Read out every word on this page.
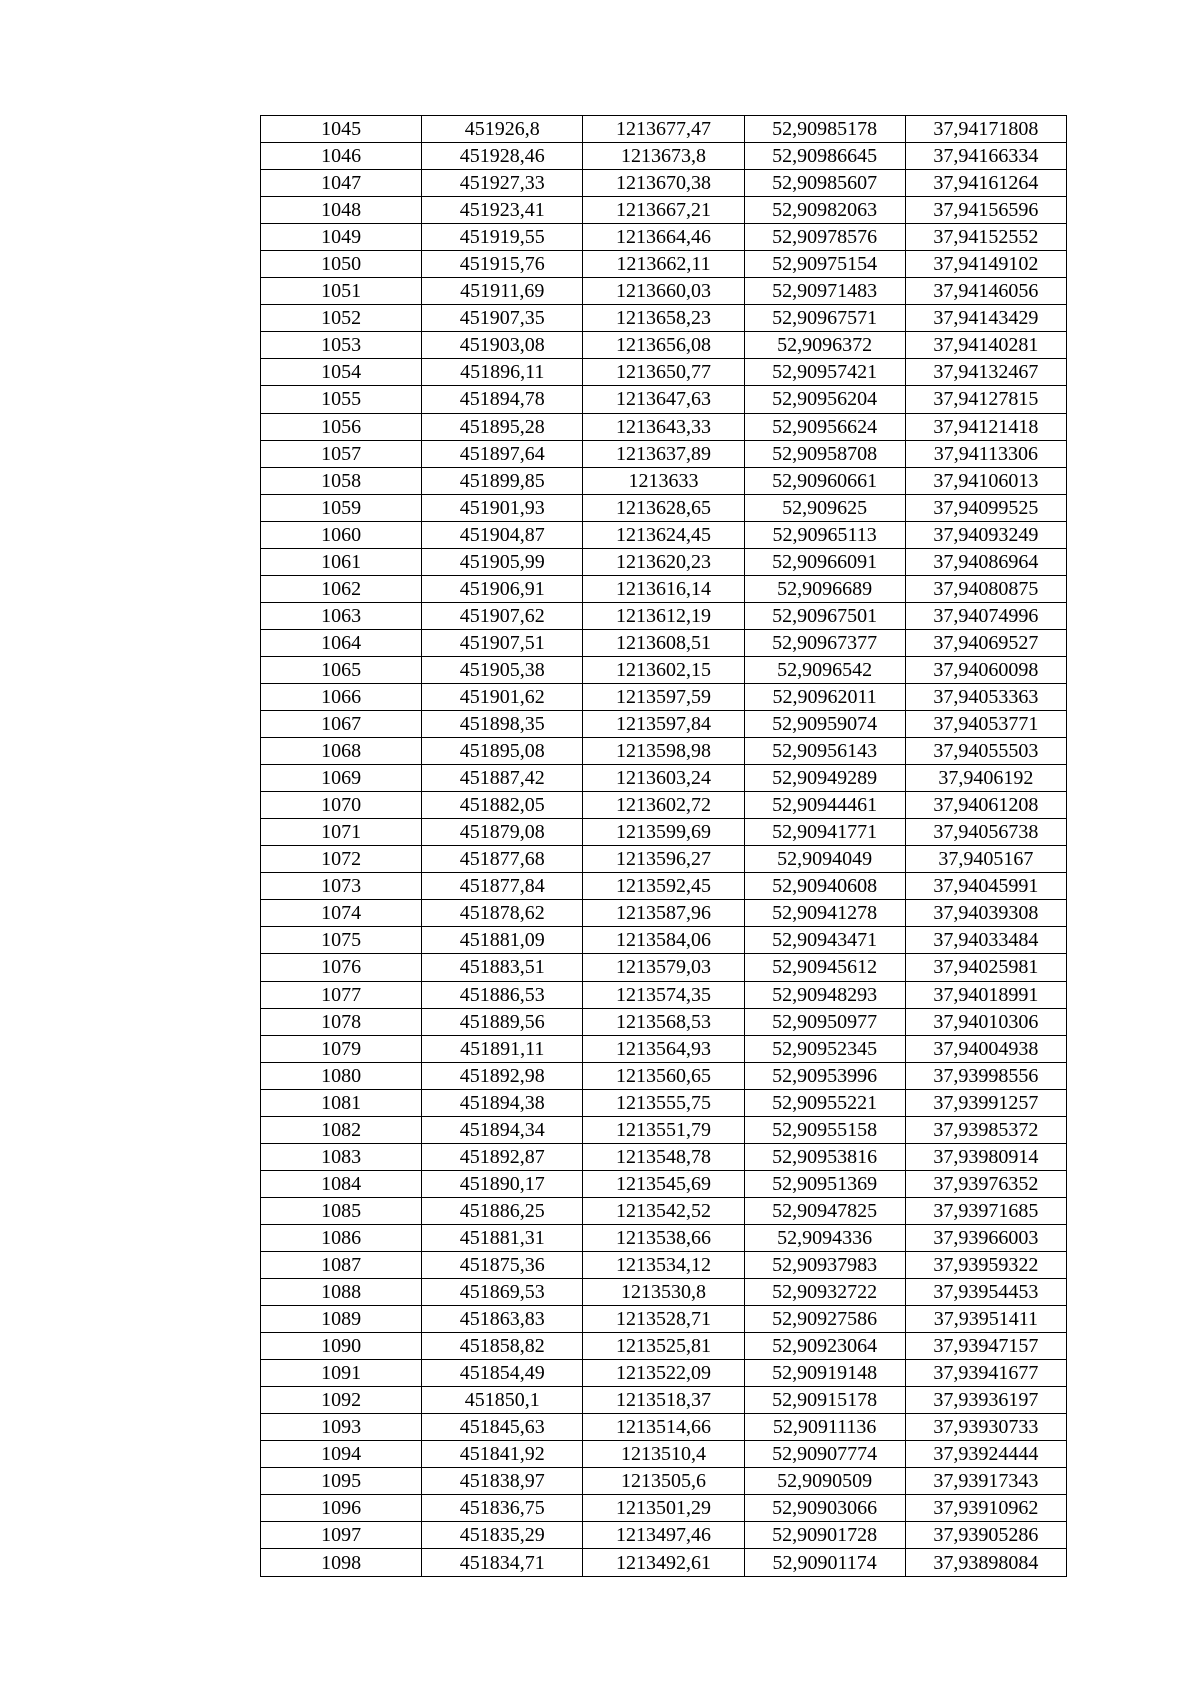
1045	451926,8	1213677,47	52,90985178	37,94171808
1046	451928,46	1213673,8	52,90986645	37,94166334
1047	451927,33	1213670,38	52,90985607	37,94161264
1048	451923,41	1213667,21	52,90982063	37,94156596
1049	451919,55	1213664,46	52,90978576	37,94152552
1050	451915,76	1213662,11	52,90975154	37,94149102
1051	451911,69	1213660,03	52,90971483	37,94146056
1052	451907,35	1213658,23	52,90967571	37,94143429
1053	451903,08	1213656,08	52,9096372	37,94140281
1054	451896,11	1213650,77	52,90957421	37,94132467
1055	451894,78	1213647,63	52,90956204	37,94127815
1056	451895,28	1213643,33	52,90956624	37,94121418
1057	451897,64	1213637,89	52,90958708	37,94113306
1058	451899,85	1213633	52,90960661	37,94106013
1059	451901,93	1213628,65	52,909625	37,94099525
1060	451904,87	1213624,45	52,90965113	37,94093249
1061	451905,99	1213620,23	52,90966091	37,94086964
1062	451906,91	1213616,14	52,9096689	37,94080875
1063	451907,62	1213612,19	52,90967501	37,94074996
1064	451907,51	1213608,51	52,90967377	37,94069527
1065	451905,38	1213602,15	52,9096542	37,94060098
1066	451901,62	1213597,59	52,90962011	37,94053363
1067	451898,35	1213597,84	52,90959074	37,94053771
1068	451895,08	1213598,98	52,90956143	37,94055503
1069	451887,42	1213603,24	52,90949289	37,9406192
1070	451882,05	1213602,72	52,90944461	37,94061208
1071	451879,08	1213599,69	52,90941771	37,94056738
1072	451877,68	1213596,27	52,9094049	37,9405167
1073	451877,84	1213592,45	52,90940608	37,94045991
1074	451878,62	1213587,96	52,90941278	37,94039308
1075	451881,09	1213584,06	52,90943471	37,94033484
1076	451883,51	1213579,03	52,90945612	37,94025981
1077	451886,53	1213574,35	52,90948293	37,94018991
1078	451889,56	1213568,53	52,90950977	37,94010306
1079	451891,11	1213564,93	52,90952345	37,94004938
1080	451892,98	1213560,65	52,90953996	37,93998556
1081	451894,38	1213555,75	52,90955221	37,93991257
1082	451894,34	1213551,79	52,90955158	37,93985372
1083	451892,87	1213548,78	52,90953816	37,93980914
1084	451890,17	1213545,69	52,90951369	37,93976352
1085	451886,25	1213542,52	52,90947825	37,93971685
1086	451881,31	1213538,66	52,9094336	37,93966003
1087	451875,36	1213534,12	52,90937983	37,93959322
1088	451869,53	1213530,8	52,90932722	37,93954453
1089	451863,83	1213528,71	52,90927586	37,93951411
1090	451858,82	1213525,81	52,90923064	37,93947157
1091	451854,49	1213522,09	52,90919148	37,93941677
1092	451850,1	1213518,37	52,90915178	37,93936197
1093	451845,63	1213514,66	52,90911136	37,93930733
1094	451841,92	1213510,4	52,90907774	37,93924444
1095	451838,97	1213505,6	52,9090509	37,93917343
1096	451836,75	1213501,29	52,90903066	37,93910962
1097	451835,29	1213497,46	52,90901728	37,93905286
1098	451834,71	1213492,61	52,90901174	37,93898084
